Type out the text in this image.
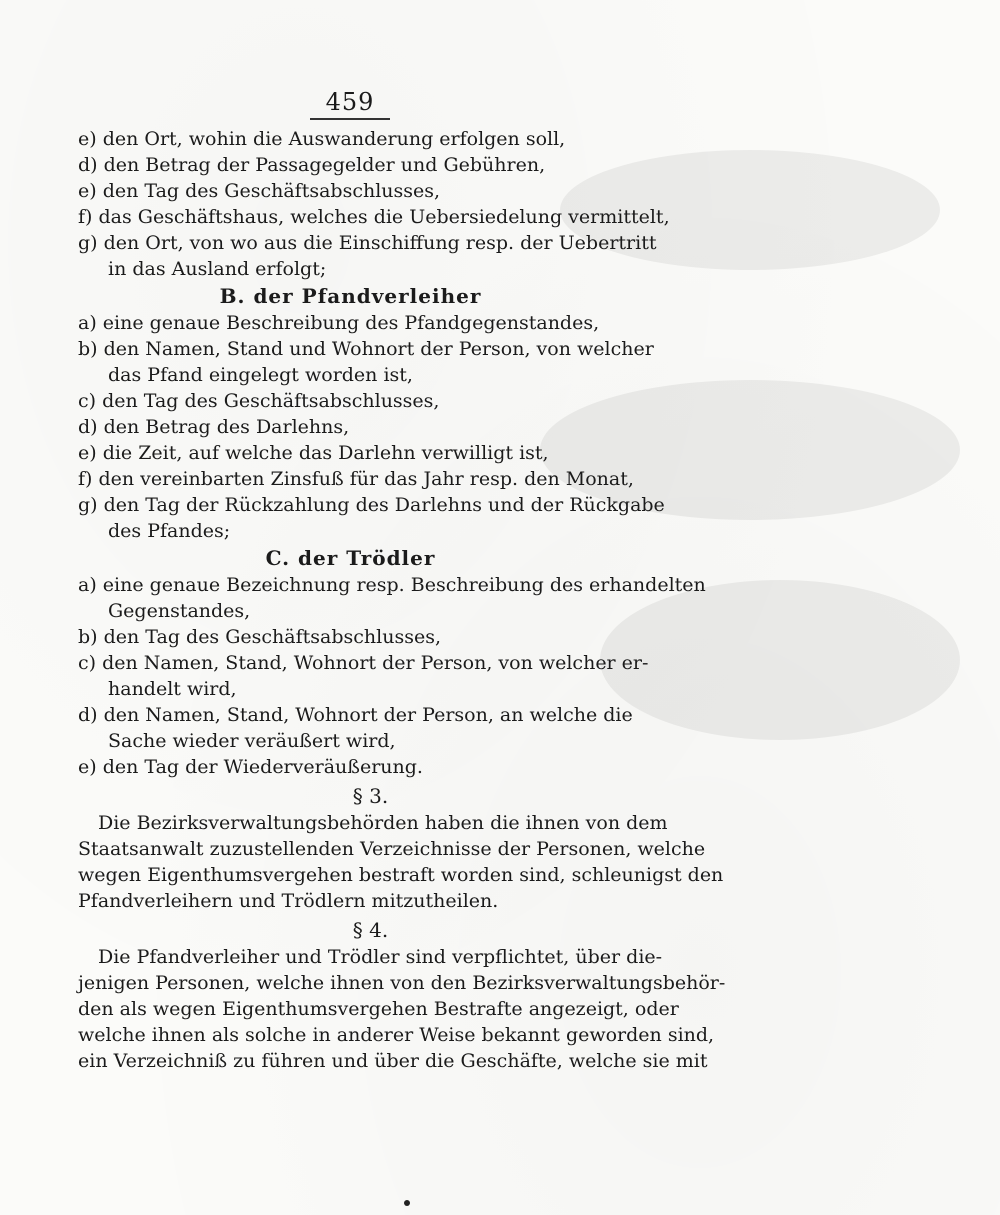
459
e) den Ort, wohin die Auswanderung erfolgen soll,
d) den Betrag der Passagegelder und Gebühren,
e) den Tag des Geschäftsabschlusses,
f) das Geschäftshaus, welches die Uebersiedelung vermittelt,
g) den Ort, von wo aus die Einschiffung resp. der Uebertritt
in das Ausland erfolgt;
B. der Pfandverleiher
a) eine genaue Beschreibung des Pfandgegenstandes,
b) den Namen, Stand und Wohnort der Person, von welcher
das Pfand eingelegt worden ist,
c) den Tag des Geschäftsabschlusses,
d) den Betrag des Darlehns,
e) die Zeit, auf welche das Darlehn verwilligt ist,
f) den vereinbarten Zinsfuß für das Jahr resp. den Monat,
g) den Tag der Rückzahlung des Darlehns und der Rückgabe
des Pfandes;
C. der Trödler
a) eine genaue Bezeichnung resp. Beschreibung des erhandelten
Gegenstandes,
b) den Tag des Geschäftsabschlusses,
c) den Namen, Stand, Wohnort der Person, von welcher er-
handelt wird,
d) den Namen, Stand, Wohnort der Person, an welche die
Sache wieder veräußert wird,
e) den Tag der Wiederveräußerung.
§ 3.
Die Bezirksverwaltungsbehörden haben die ihnen von dem
Staatsanwalt zuzustellenden Verzeichnisse der Personen, welche
wegen Eigenthumsvergehen bestraft worden sind, schleunigst den
Pfandverleihern und Trödlern mitzutheilen.
§ 4.
Die Pfandverleiher und Trödler sind verpflichtet, über die-
jenigen Personen, welche ihnen von den Bezirksverwaltungsbehör-
den als wegen Eigenthumsvergehen Bestrafte angezeigt, oder
welche ihnen als solche in anderer Weise bekannt geworden sind,
ein Verzeichniß zu führen und über die Geschäfte, welche sie mit
